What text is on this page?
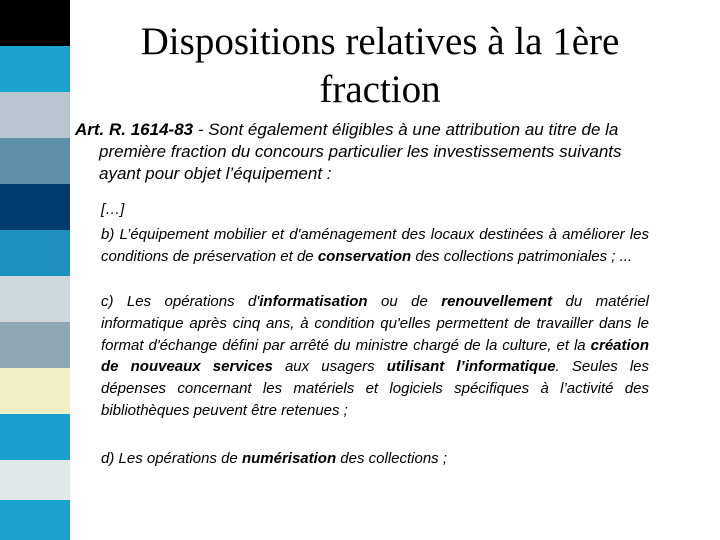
Dispositions relatives à la 1ère
fraction
Art. R. 1614-83 - Sont également éligibles à une attribution au titre de la première fraction du concours particulier les investissements suivants ayant pour objet l’équipement :
[…]
b) L’équipement mobilier et d'aménagement des locaux destinées à améliorer les conditions de préservation et de conservation des collections patrimoniales ; ...
c) Les opérations d'informatisation ou de renouvellement du matériel informatique après cinq ans, à condition qu'elles permettent de travailler dans le format d'échange défini par arrêté du ministre chargé de la culture, et la création de nouveaux services aux usagers utilisant l’informatique. Seules les dépenses concernant les matériels et logiciels spécifiques à l’activité des bibliothèques peuvent être retenues ;
d) Les opérations de numérisation des collections ;
